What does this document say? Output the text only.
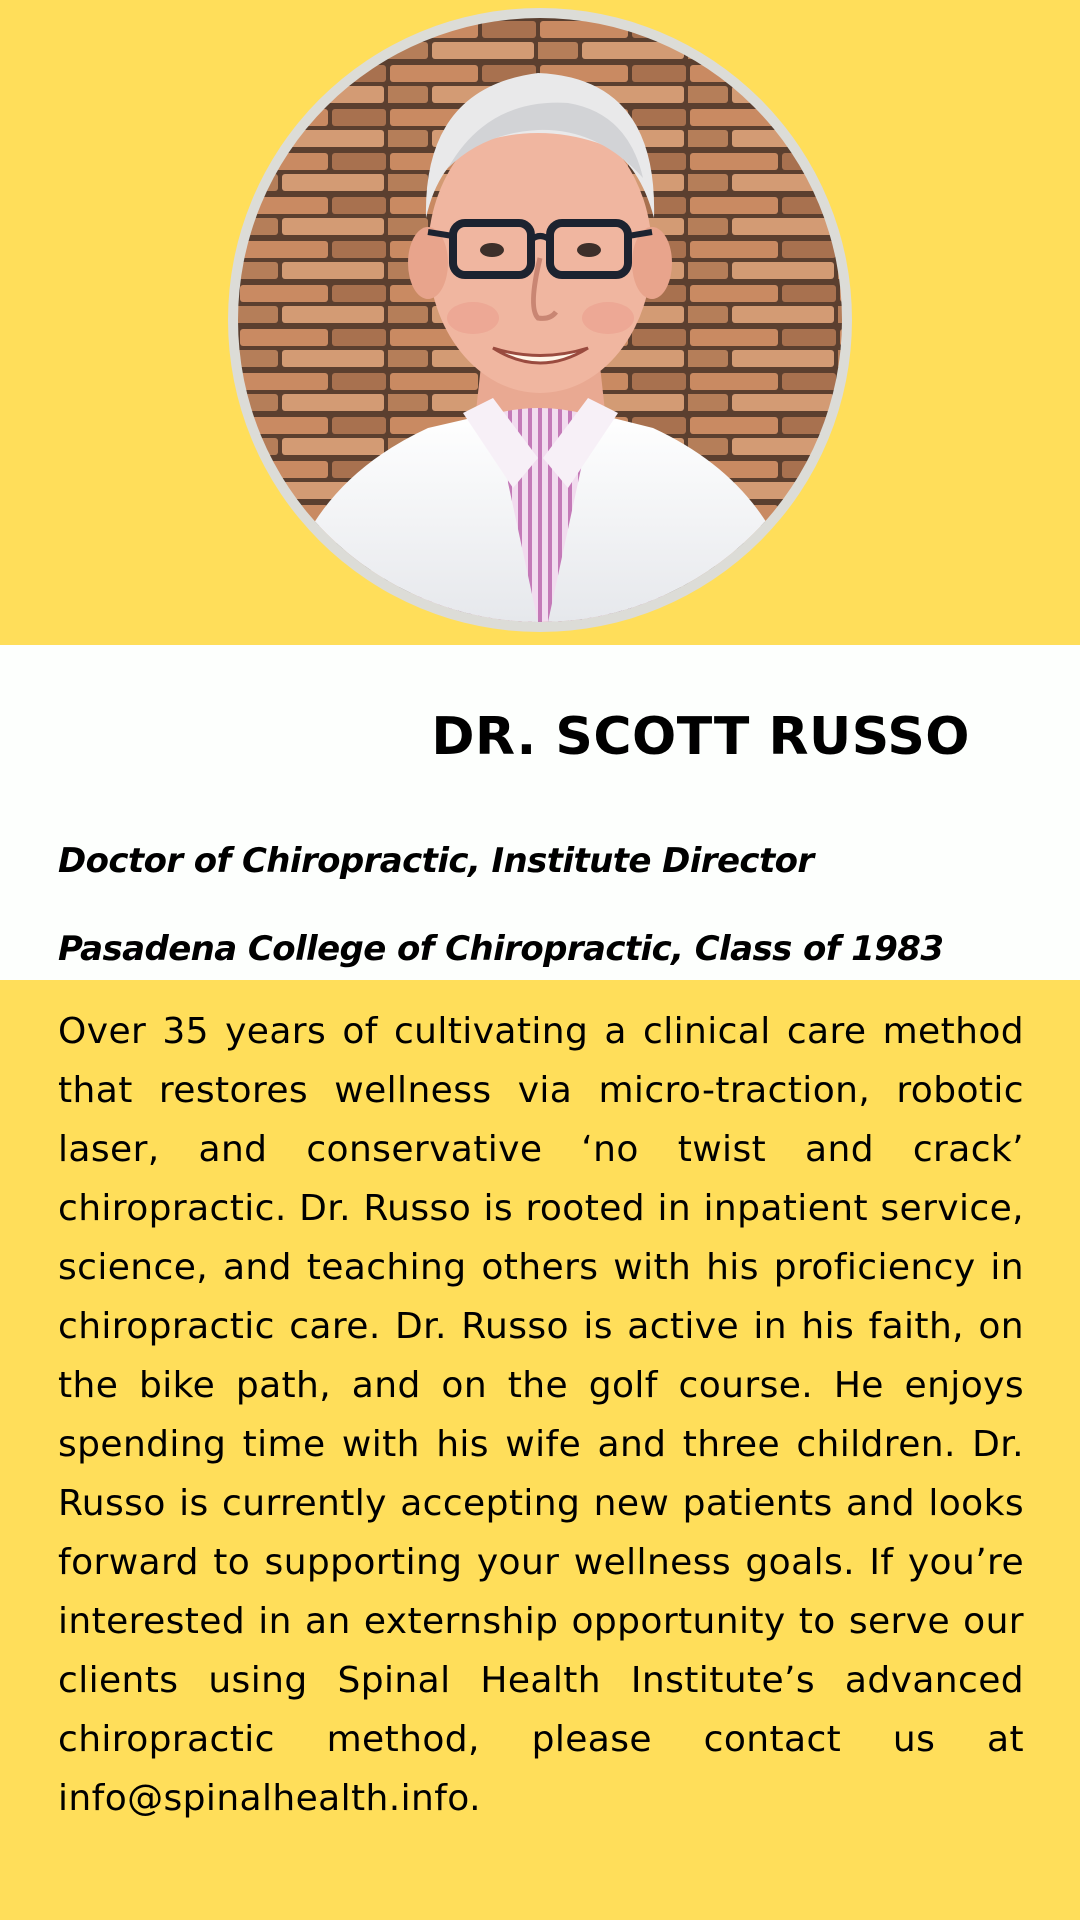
DR. SCOTT RUSSO

Doctor of Chiropractic, Institute Director

Pasadena College of Chiropractic, Class of 1983

Over 35 years of cultivating a clinical care method that restores wellness via micro-traction, robotic laser, and conservative ‘no twist and crack’ chiropractic. Dr. Russo is rooted in inpatient service, science, and teaching others with his proficiency in chiropractic care. Dr. Russo is active in his faith, on the bike path, and on the golf course. He enjoys spending time with his wife and three children. Dr. Russo is currently accepting new patients and looks forward to supporting your wellness goals. If you’re interested in an externship opportunity to serve our clients using Spinal Health Institute’s advanced chiropractic method, please contact us at info@spinalhealth.info.
